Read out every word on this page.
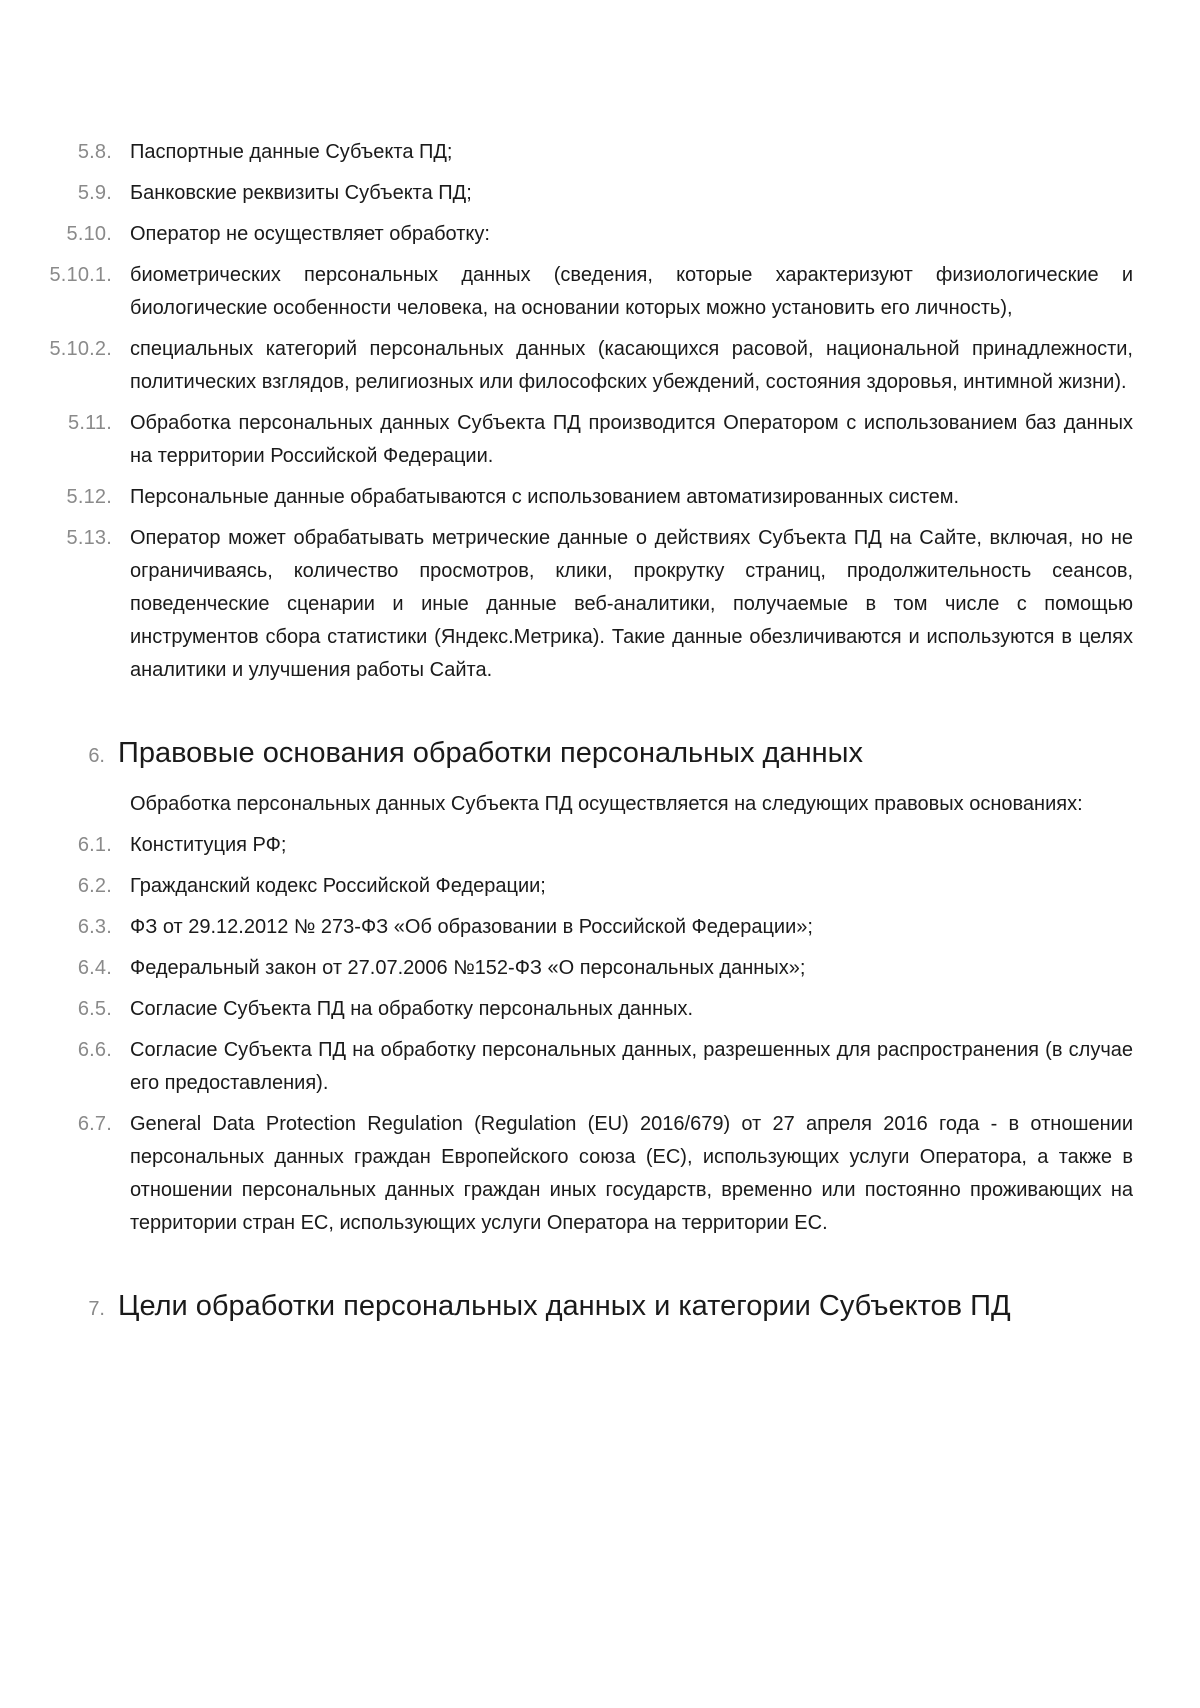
5.8. Паспортные данные Субъекта ПД;
5.9. Банковские реквизиты Субъекта ПД;
5.10. Оператор не осуществляет обработку:
5.10.1. биометрических персональных данных (сведения, которые характеризуют физиологические и биологические особенности человека, на основании которых можно установить его личность),
5.10.2. специальных категорий персональных данных (касающихся расовой, национальной принадлежности, политических взглядов, религиозных или философских убеждений, состояния здоровья, интимной жизни).
5.11. Обработка персональных данных Субъекта ПД производится Оператором с использованием баз данных на территории Российской Федерации.
5.12. Персональные данные обрабатываются с использованием автоматизированных систем.
5.13. Оператор может обрабатывать метрические данные о действиях Субъекта ПД на Сайте, включая, но не ограничиваясь, количество просмотров, клики, прокрутку страниц, продолжительность сеансов, поведенческие сценарии и иные данные веб-аналитики, получаемые в том числе с помощью инструментов сбора статистики (Яндекс.Метрика). Такие данные обезличиваются и используются в целях аналитики и улучшения работы Сайта.
6. Правовые основания обработки персональных данных
Обработка персональных данных Субъекта ПД осуществляется на следующих правовых основаниях:
6.1. Конституция РФ;
6.2. Гражданский кодекс Российской Федерации;
6.3. ФЗ от 29.12.2012 № 273-ФЗ «Об образовании в Российской Федерации»;
6.4. Федеральный закон от 27.07.2006 №152-ФЗ «О персональных данных»;
6.5. Согласие Субъекта ПД на обработку персональных данных.
6.6. Согласие Субъекта ПД на обработку персональных данных, разрешенных для распространения (в случае его предоставления).
6.7. General Data Protection Regulation (Regulation (EU) 2016/679) от 27 апреля 2016 года - в отношении персональных данных граждан Европейского союза (ЕС), использующих услуги Оператора, а также в отношении персональных данных граждан иных государств, временно или постоянно проживающих на территории стран ЕС, использующих услуги Оператора на территории ЕС.
7. Цели обработки персональных данных и категории Субъектов ПД
